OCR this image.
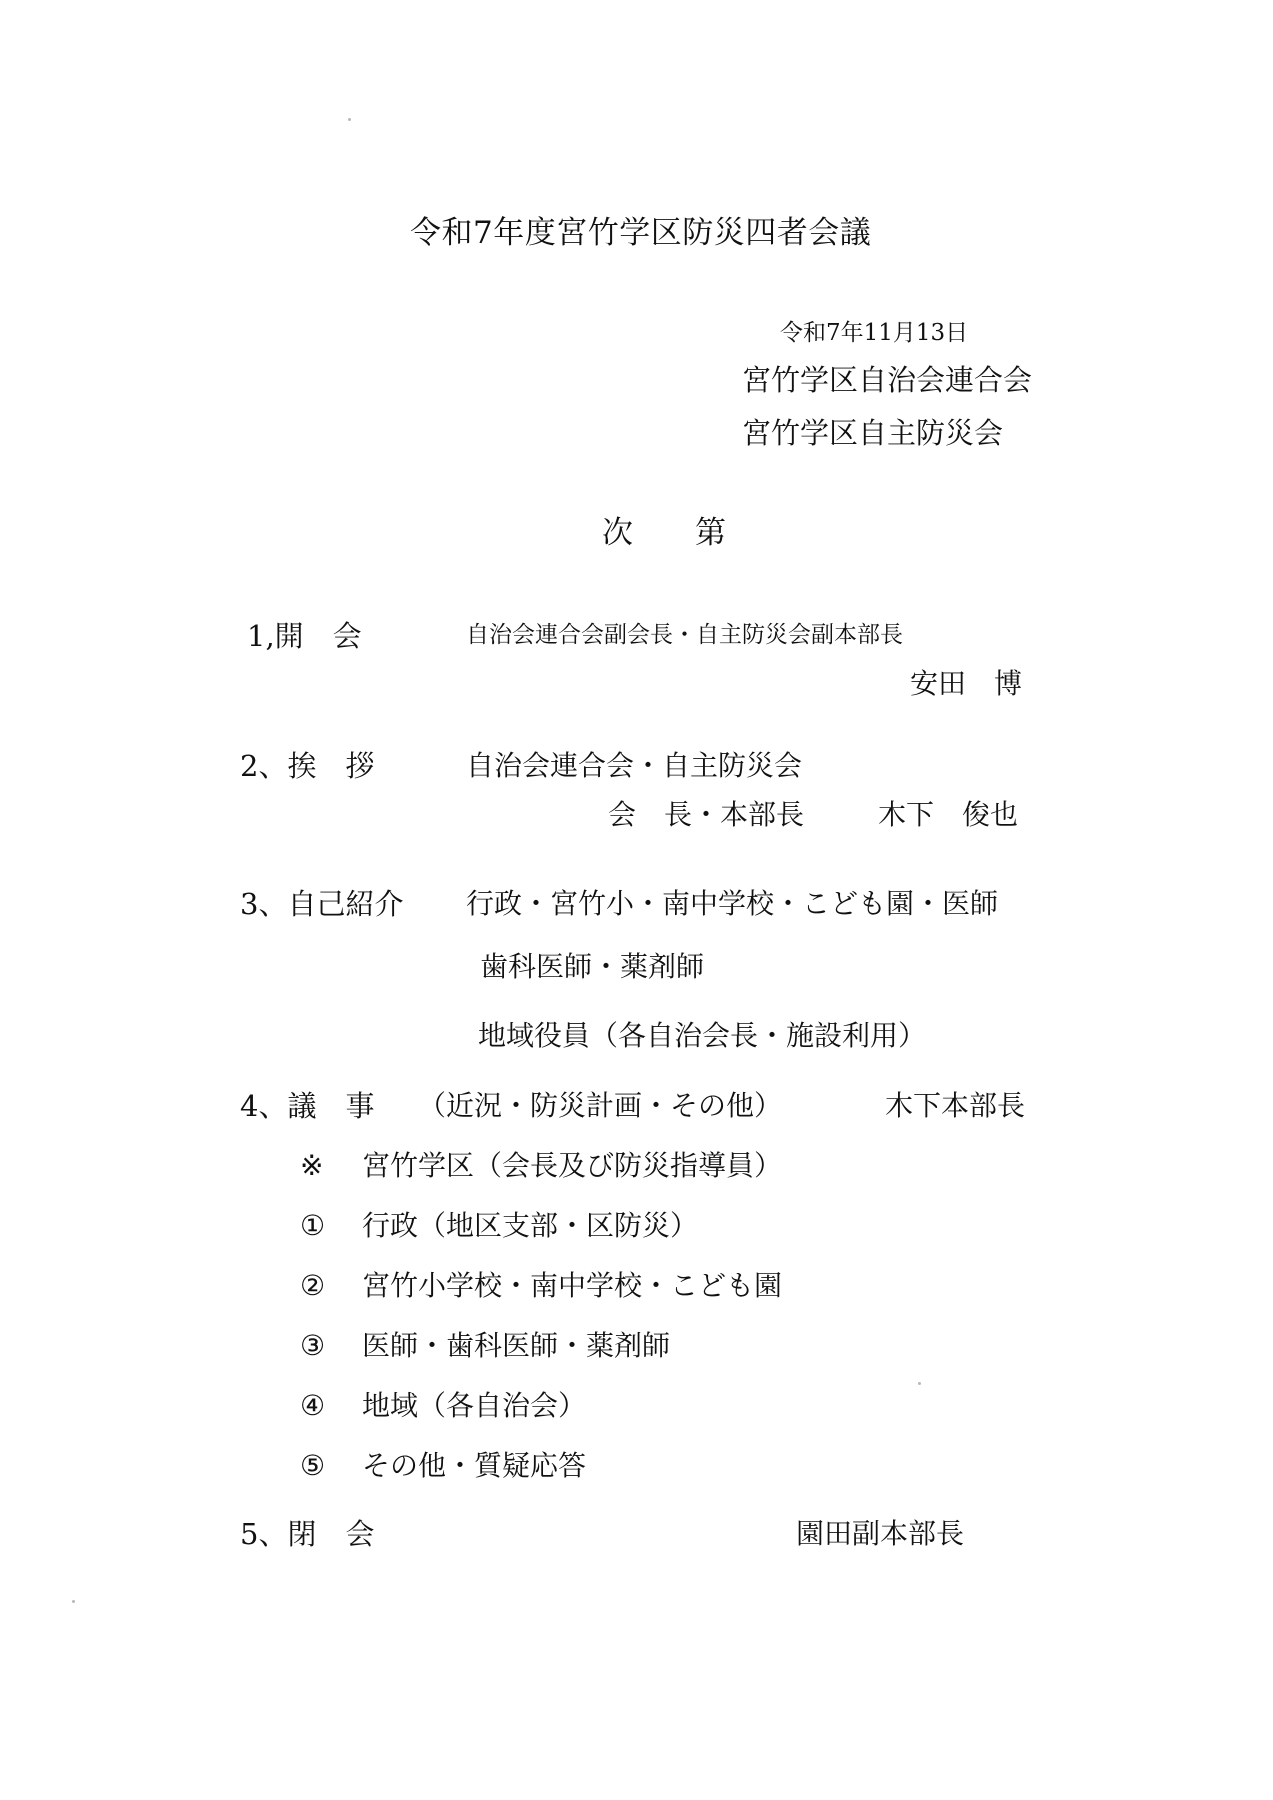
令和7年度宮竹学区防災四者会議
令和7年11月13日
宮竹学区自治会連合会
宮竹学区自主防災会
次 第
1,開　会	自治会連合会副会長・自主防災会副本部長
安田　博
2、挨　拶	自治会連合会・自主防災会
会　長・本部長	木下　俊也
3、自己紹介 行政・宮竹小・南中学校・こども園・医師
歯科医師・薬剤師
地域役員（各自治会長・施設利用）
4、議　事 （近況・防災計画・その他）	木下本部長
※ 宮竹学区（会長及び防災指導員）
① 行政（地区支部・区防災）
② 宮竹小学校・南中学校・こども園
③ 医師・歯科医師・薬剤師
④ 地域（各自治会）
⑤ その他・質疑応答
5、閉　会	園田副本部長
